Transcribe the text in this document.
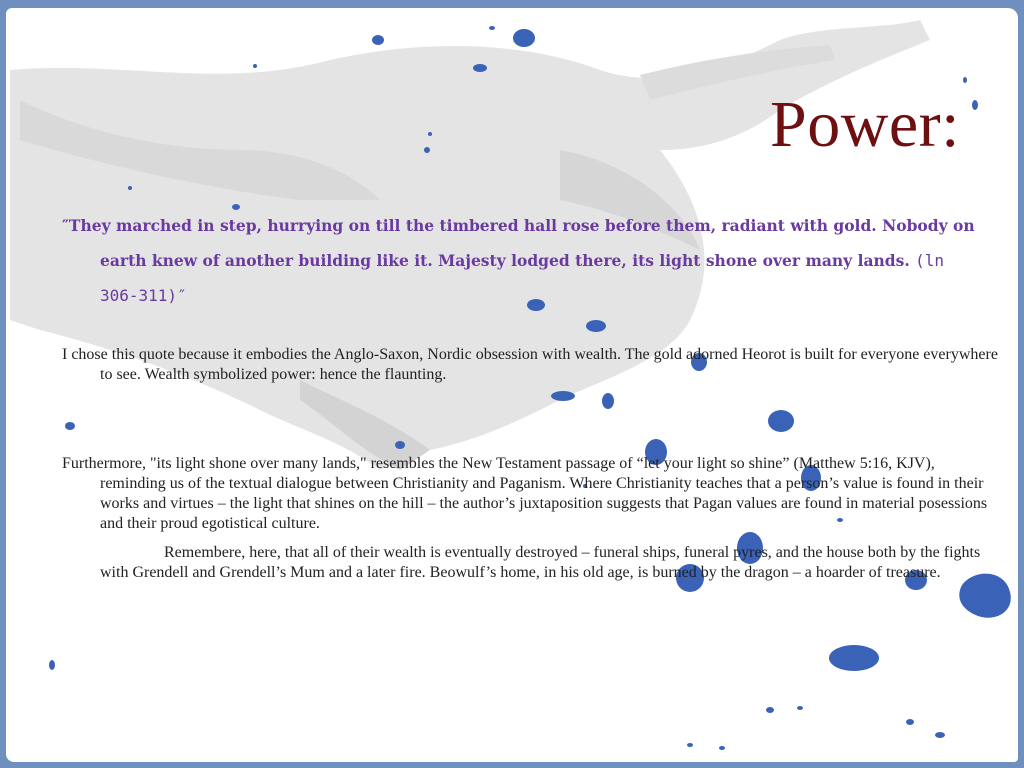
Power:
″They marched in step, hurrying on till the timbered hall rose before them, radiant with gold. Nobody on earth knew of another building like it. Majesty lodged there, its light shone over many lands. (ln 306-311)″
I chose this quote because it embodies the Anglo-Saxon, Nordic obsession with wealth. The gold adorned Heorot is built for everyone everywhere to see. Wealth symbolized power: hence the flaunting.
Furthermore, "its light shone over many lands," resembles the New Testament passage of “let your light so shine” (Matthew 5:16, KJV), reminding us of the textual dialogue between Christianity and Paganism. Where Christianity teaches that a person’s value is found in their works and virtues – the light that shines on the hill – the author’s juxtaposition suggests that Pagan values are found in material posessions and their proud egotistical culture.
Remembere, here, that all of their wealth is eventually destroyed – funeral ships, funeral pyres, and the house both by the fights with Grendell and Grendell’s Mum and a later fire. Beowulf’s home, in his old age, is burned by the dragon – a hoarder of treasure.
